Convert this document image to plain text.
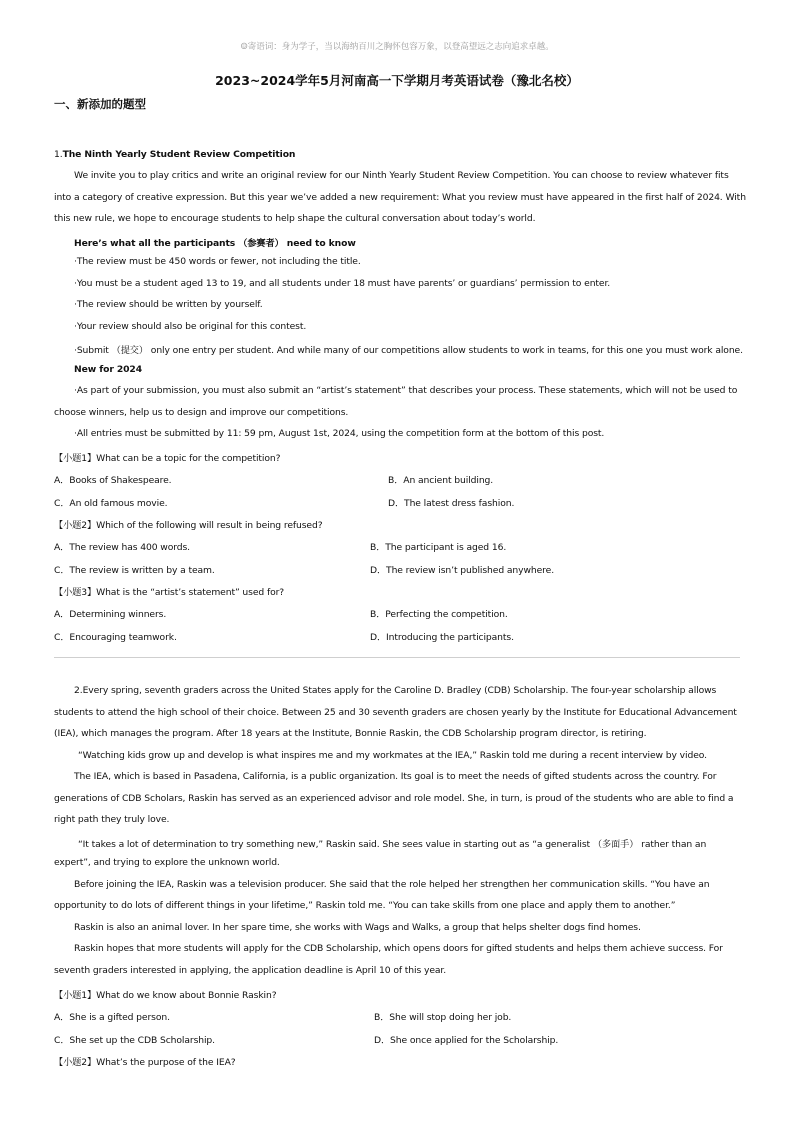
☺寄语词：身为学子，当以海纳百川之胸怀包容万象，以登高望远之志向追求卓越。
2023~2024学年5月河南高一下学期月考英语试卷（豫北名校）
一、新添加的题型
1.The Ninth Yearly Student Review Competition
We invite you to play critics and write an original review for our Ninth Yearly Student Review Competition. You can choose to review whatever fits
into a category of creative expression. But this year we’ve added a new requirement: What you review must have appeared in the first half of 2024. With
this new rule, we hope to encourage students to help shape the cultural conversation about today’s world.
Here’s what all the participants （参赛者） need to know
·The review must be 450 words or fewer, not including the title.
·You must be a student aged 13 to 19, and all students under 18 must have parents’ or guardians’ permission to enter.
·The review should be written by yourself.
·Your review should also be original for this contest.
·Submit （提交） only one entry per student. And while many of our competitions allow students to work in teams, for this one you must work alone.
New for 2024
·As part of your submission, you must also submit an “artist’s statement” that describes your process. These statements, which will not be used to
choose winners, help us to design and improve our competitions.
·All entries must be submitted by 11: 59 pm, August 1st, 2024, using the competition form at the bottom of this post.
【小题1】What can be a topic for the competition?
A．Books of Shakespeare.	B．An ancient building.
C．An old famous movie.	D．The latest dress fashion.
【小题2】Which of the following will result in being refused?
A．The review has 400 words.	B．The participant is aged 16.
C．The review is written by a team.	D．The review isn’t published anywhere.
【小题3】What is the “artist’s statement” used for?
A．Determining winners.	B．Perfecting the competition.
C．Encouraging teamwork.	D．Introducing the participants.
2.Every spring, seventh graders across the United States apply for the Caroline D. Bradley (CDB) Scholarship. The four-year scholarship allows
students to attend the high school of their choice. Between 25 and 30 seventh graders are chosen yearly by the Institute for Educational Advancement
(IEA), which manages the program. After 18 years at the Institute, Bonnie Raskin, the CDB Scholarship program director, is retiring.
“Watching kids grow up and develop is what inspires me and my workmates at the IEA,” Raskin told me during a recent interview by video.
The IEA, which is based in Pasadena, California, is a public organization. Its goal is to meet the needs of gifted students across the country. For
generations of CDB Scholars, Raskin has served as an experienced advisor and role model. She, in turn, is proud of the students who are able to find a
right path they truly love.
“It takes a lot of determination to try something new,” Raskin said. She sees value in starting out as “a generalist （多面手） rather than an
expert”, and trying to explore the unknown world.
Before joining the IEA, Raskin was a television producer. She said that the role helped her strengthen her communication skills. “You have an
opportunity to do lots of different things in your lifetime,” Raskin told me. “You can take skills from one place and apply them to another.”
Raskin is also an animal lover. In her spare time, she works with Wags and Walks, a group that helps shelter dogs find homes.
Raskin hopes that more students will apply for the CDB Scholarship, which opens doors for gifted students and helps them achieve success. For
seventh graders interested in applying, the application deadline is April 10 of this year.
【小题1】What do we know about Bonnie Raskin?
A．She is a gifted person.	B．She will stop doing her job.
C．She set up the CDB Scholarship.	D．She once applied for the Scholarship.
【小题2】What’s the purpose of the IEA?
